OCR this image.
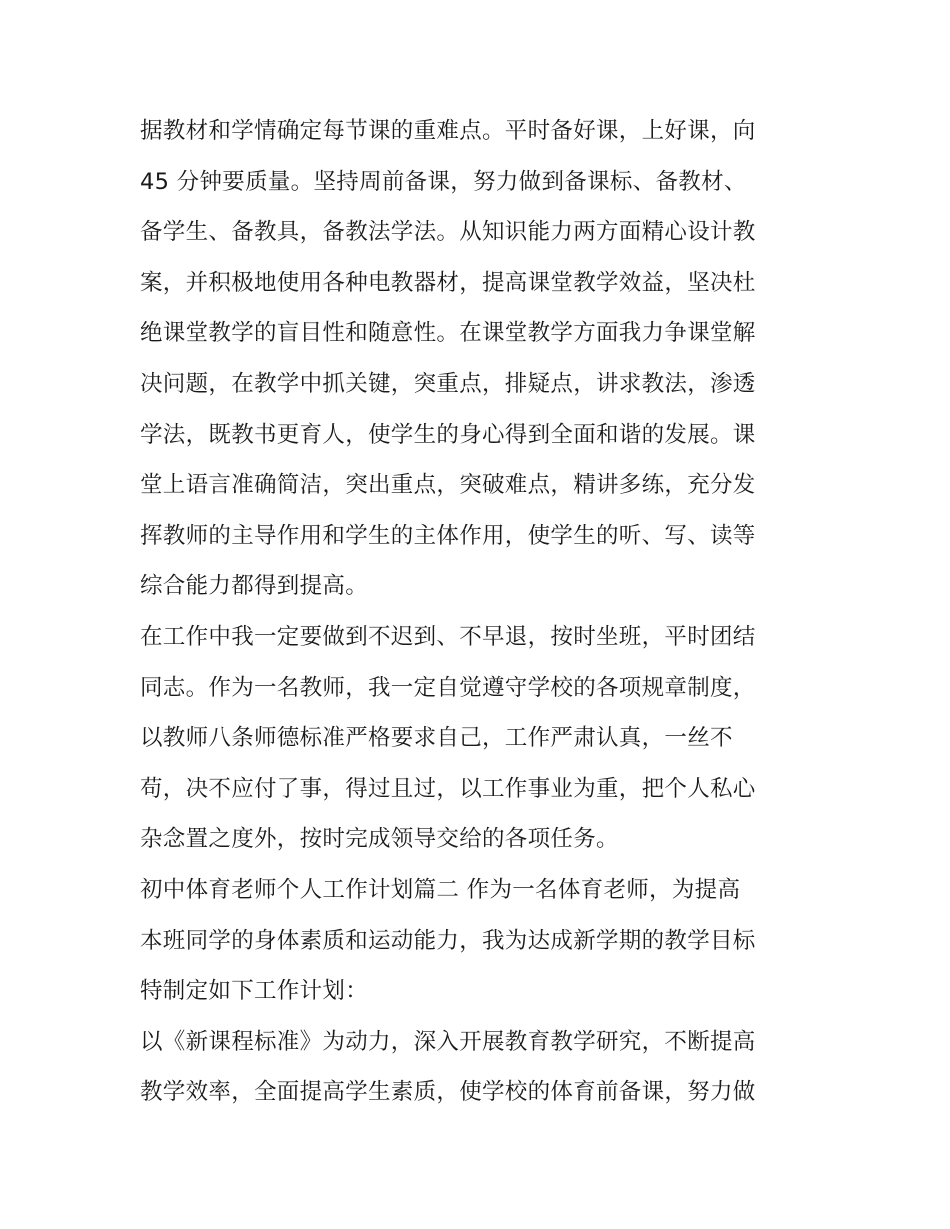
据教材和学情确定每节课的重难点。平时备好课，上好课，向
45 分钟要质量。坚持周前备课，努力做到备课标、备教材、
备学生、备教具，备教法学法。从知识能力两方面精心设计教
案，并积极地使用各种电教器材，提高课堂教学效益，坚决杜
绝课堂教学的盲目性和随意性。在课堂教学方面我力争课堂解
决问题，在教学中抓关键，突重点，排疑点，讲求教法，渗透
学法，既教书更育人，使学生的身心得到全面和谐的发展。课
堂上语言准确简洁，突出重点，突破难点，精讲多练，充分发
挥教师的主导作用和学生的主体作用，使学生的听、写、读等
综合能力都得到提高。
在工作中我一定要做到不迟到、不早退，按时坐班，平时团结
同志。作为一名教师，我一定自觉遵守学校的各项规章制度，
以教师八条师德标准严格要求自己，工作严肃认真，一丝不
苟，决不应付了事，得过且过，以工作事业为重，把个人私心
杂念置之度外，按时完成领导交给的各项任务。
初中体育老师个人工作计划篇二 作为一名体育老师，为提高
本班同学的身体素质和运动能力，我为达成新学期的教学目标
特制定如下工作计划：
以《新课程标准》为动力，深入开展教育教学研究，不断提高
教学效率，全面提高学生素质，使学校的体育前备课，努力做
